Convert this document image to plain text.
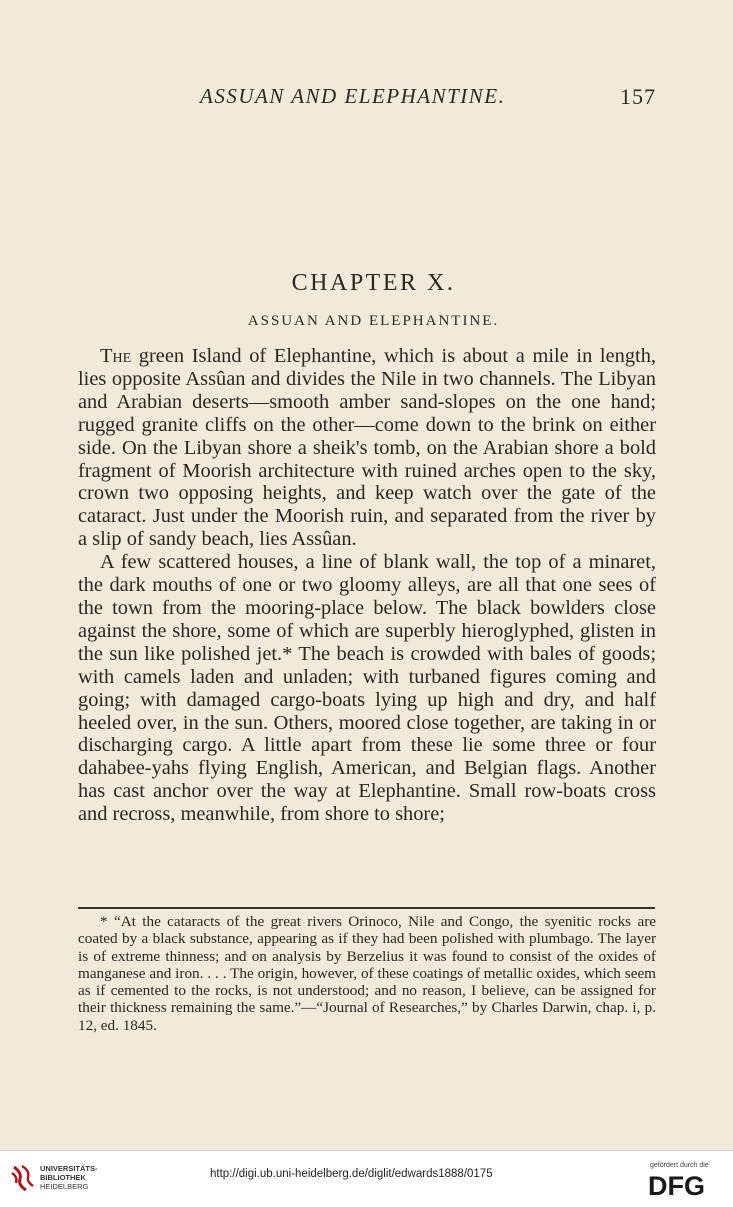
ASSUAN AND ELEPHANTINE.	157
CHAPTER X.
ASSUAN AND ELEPHANTINE.

The green Island of Elephantine, which is about a mile in length, lies opposite Assûan and divides the Nile in two channels. The Libyan and Arabian deserts—smooth amber sand-slopes on the one hand; rugged granite cliffs on the other—come down to the brink on either side. On the Libyan shore a sheik's tomb, on the Arabian shore a bold fragment of Moorish architecture with ruined arches open to the sky, crown two opposing heights, and keep watch over the gate of the cataract. Just under the Moorish ruin, and separated from the river by a slip of sandy beach, lies Assûan.

A few scattered houses, a line of blank wall, the top of a minaret, the dark mouths of one or two gloomy alleys, are all that one sees of the town from the mooring-place below. The black bowlders close against the shore, some of which are superbly hieroglyphed, glisten in the sun like polished jet.* The beach is crowded with bales of goods; with camels laden and unladen; with turbaned figures coming and going; with damaged cargo-boats lying up high and dry, and half heeled over, in the sun. Others, moored close together, are taking in or discharging cargo. A little apart from these lie some three or four dahabee-yahs flying English, American, and Belgian flags. Another has cast anchor over the way at Elephantine. Small row-boats cross and recross, meanwhile, from shore to shore;

* “At the cataracts of the great rivers Orinoco, Nile and Congo, the syenitic rocks are coated by a black substance, appearing as if they had been polished with plumbago. The layer is of extreme thinness; and on analysis by Berzelius it was found to consist of the oxides of manganese and iron. . . . The origin, however, of these coatings of metallic oxides, which seem as if cemented to the rocks, is not understood; and no reason, I believe, can be assigned for their thickness remaining the same.”—“Journal of Researches,” by Charles Darwin, chap. i, p. 12, ed. 1845.

UNIVERSITÄTS-
BIBLIOTHEK
HEIDELBERG
http://digi.ub.uni-heidelberg.de/diglit/edwards1888/0175
gefördert durch die
DFG
